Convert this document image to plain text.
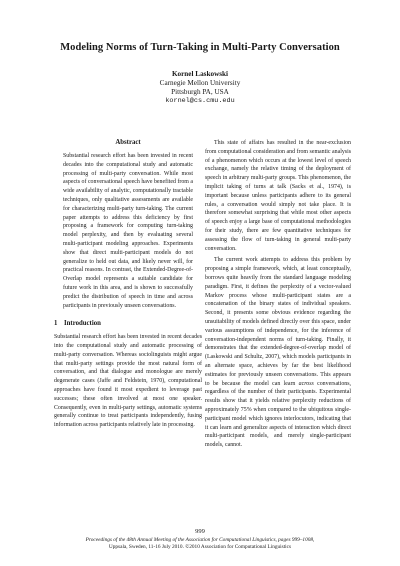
Modeling Norms of Turn-Taking in Multi-Party Conversation
Kornel Laskowski
Carnegie Mellon University
Pittsburgh PA, USA
kornel@cs.cmu.edu
Abstract

Substantial research effort has been invested in recent decades into the computational study and automatic processing of multi-party conversation. While most aspects of conversational speech have benefited from a wide availability of analytic, computationally tractable techniques, only qualitative assessments are available for characterizing multi-party turn-taking. The current paper attempts to address this deficiency by first proposing a framework for computing turn-taking model perplexity, and then by evaluating several multi-participant modeling approaches. Experiments show that direct multi-participant models do not generalize to held out data, and likely never will, for practical reasons. In contrast, the Extended-Degree-of-Overlap model represents a suitable candidate for future work in this area, and is shown to successfully predict the distribution of speech in time and across participants in previously unseen conversations.

1 Introduction

Substantial research effort has been invested in recent decades into the computational study and automatic processing of multi-party conversation. Whereas sociolinguists might argue that multi-party settings provide the most natural form of conversation, and that dialogue and monologue are merely degenerate cases (Jaffe and Feldstein, 1970), computational approaches have found it most expedient to leverage past successes; these often involved at most one speaker. Consequently, even in multi-party settings, automatic systems generally continue to treat participants independently, fusing information across participants relatively late in processing.

This state of affairs has resulted in the near-exclusion from computational consideration and from semantic analysis of a phenomenon which occurs at the lowest level of speech exchange, namely the relative timing of the deployment of speech in arbitrary multi-party groups. This phenomenon, the implicit taking of turns at talk (Sacks et al., 1974), is important because unless participants adhere to its general rules, a conversation would simply not take place. It is therefore somewhat surprising that while most other aspects of speech enjoy a large base of computational methodologies for their study, there are few quantitative techniques for assessing the flow of turn-taking in general multi-party conversation.

The current work attempts to address this problem by proposing a simple framework, which, at least conceptually, borrows quite heavily from the standard language modeling paradigm. First, it defines the perplexity of a vector-valued Markov process whose multi-participant states are a concatenation of the binary states of individual speakers. Second, it presents some obvious evidence regarding the unsuitability of models defined directly over this space, under various assumptions of independence, for the inference of conversation-independent norms of turn-taking. Finally, it demonstrates that the extended-degree-of-overlap model of (Laskowski and Schultz, 2007), which models participants in an alternate space, achieves by far the best likelihood estimates for previously unseen conversations. This appears to be because the model can learn across conversations, regardless of the number of their participants. Experimental results show that it yields relative perplexity reductions of approximately 75% when compared to the ubiquitous single-participant model which ignores interlocutors, indicating that it can learn and generalize aspects of interaction which direct multi-participant models, and merely single-participant models, cannot.

999
Proceedings of the 48th Annual Meeting of the Association for Computational Linguistics, pages 999–1008,
Uppsala, Sweden, 11-16 July 2010. ©2010 Association for Computational Linguistics
